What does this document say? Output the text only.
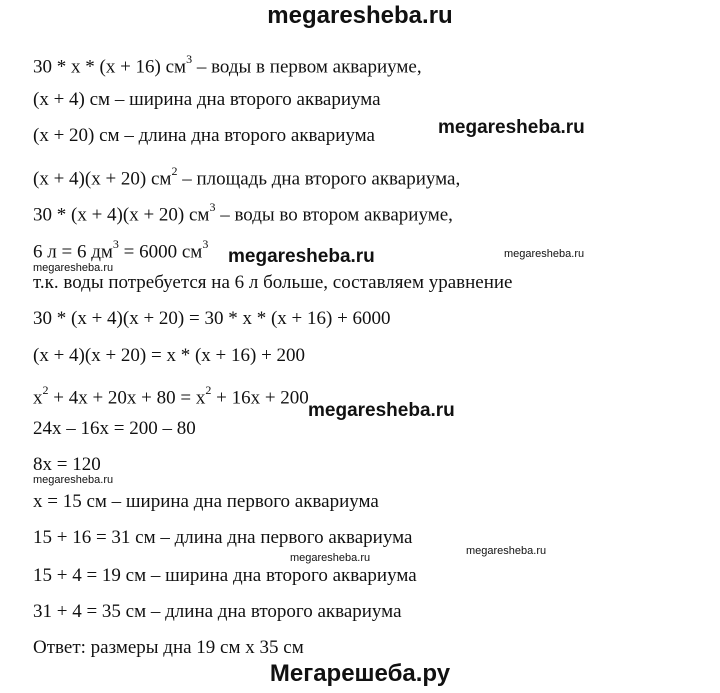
megaresheba.ru
30 * x * (x + 16) $см^3$ – воды в первом аквариуме,
(x + 4) см – ширина дна второго аквариума
(x + 20) см – длина дна второго аквариума
(x + 4)(x + 20) $см^2$ – площадь дна второго аквариума,
30 * (x + 4)(x + 20) $см^3$ – воды во втором аквариуме,
6 л = 6 $дм^3 = 6000$ $см^3$
т.к. воды потребуется на 6 л больше, составляем уравнение
30 * (x + 4)(x + 20) = 30 * x * (x + 16) + 6000
(x + 4)(x + 20) = x * (x + 16) + 200
$x^2 + 4x + 20x + 80 = x^2 + 16x + 200$
24x – 16x = 200 – 80
8x = 120
x = 15 см – ширина дна первого аквариума
15 + 16 = 31 см – длина дна первого аквариума
15 + 4 = 19 см – ширина дна второго аквариума
31 + 4 = 35 см – длина дна второго аквариума
Ответ: размеры дна 19 см х 35 см
megaresheba.ru
megaresheba.ru
megaresheba.ru
megaresheba.ru
megaresheba.ru
megaresheba.ru
megaresheba.ru
megaresheba.ru
Мегарешеба.ру
